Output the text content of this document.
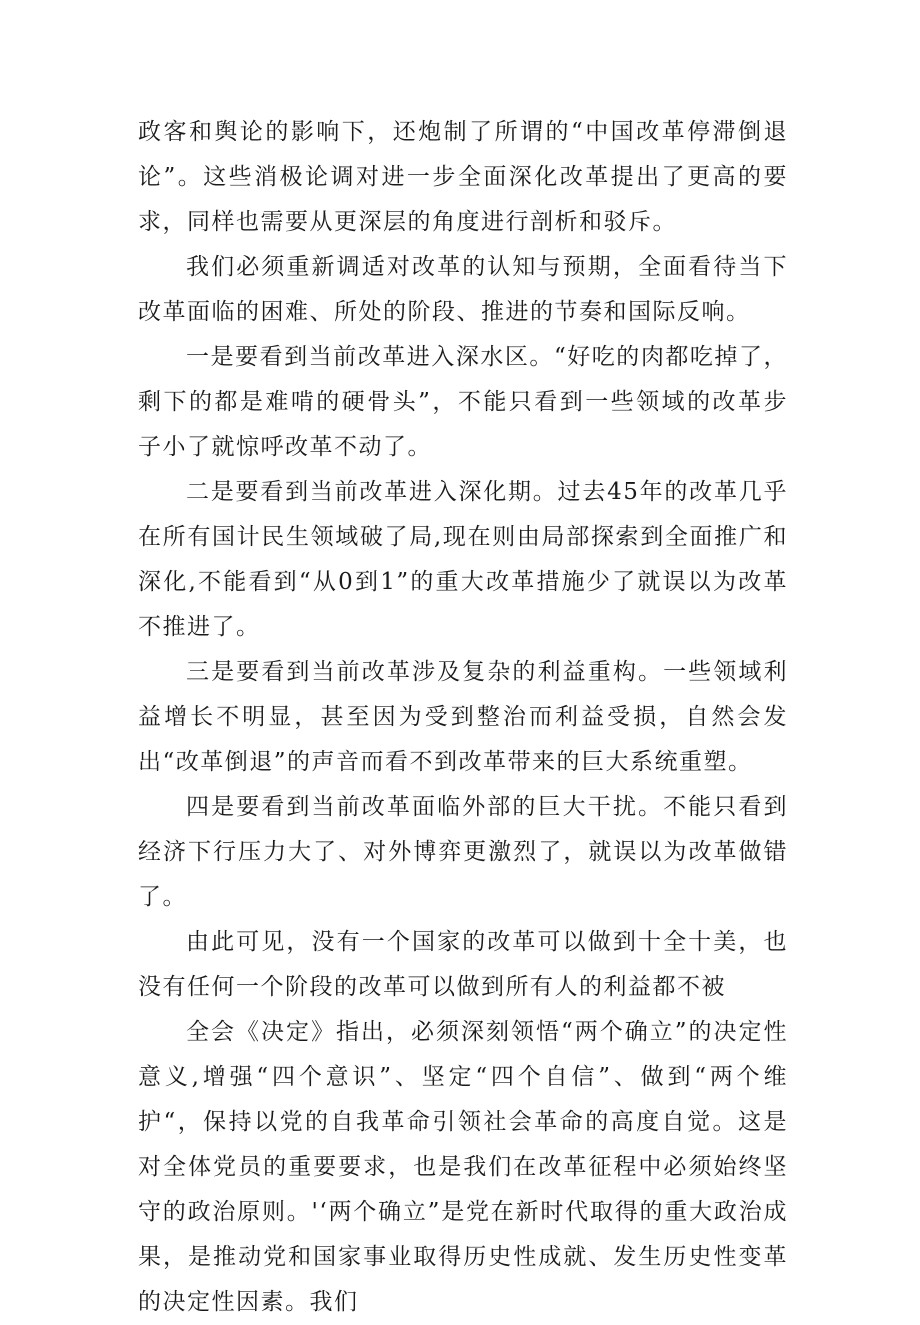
政客和舆论的影响下，还炮制了所谓的“中国改革停滞倒退论”。这些消极论调对进一步全面深化改革提出了更高的要求，同样也需要从更深层的角度进行剖析和驳斥。

我们必须重新调适对改革的认知与预期，全面看待当下改革面临的困难、所处的阶段、推进的节奏和国际反响。

一是要看到当前改革进入深水区。“好吃的肉都吃掉了，剩下的都是难啃的硬骨头”，不能只看到一些领域的改革步子小了就惊呼改革不动了。

二是要看到当前改革进入深化期。过去45年的改革几乎在所有国计民生领域破了局,现在则由局部探索到全面推广和深化,不能看到“从0到1”的重大改革措施少了就误以为改革不推进了。

三是要看到当前改革涉及复杂的利益重构。一些领域利益增长不明显，甚至因为受到整治而利益受损，自然会发出“改革倒退”的声音而看不到改革带来的巨大系统重塑。

四是要看到当前改革面临外部的巨大干扰。不能只看到经济下行压力大了、对外博弈更激烈了，就误以为改革做错了。

由此可见，没有一个国家的改革可以做到十全十美，也没有任何一个阶段的改革可以做到所有人的利益都不被

全会《决定》指出，必须深刻领悟“两个确立”的决定性意义,增强“四个意识”、坚定“四个自信”、做到“两个维护“，保持以党的自我革命引领社会革命的高度自觉。这是对全体党员的重要要求，也是我们在改革征程中必须始终坚守的政治原则。'‘两个确立”是党在新时代取得的重大政治成果，是推动党和国家事业取得历史性成就、发生历史性变革的决定性因素。我们
